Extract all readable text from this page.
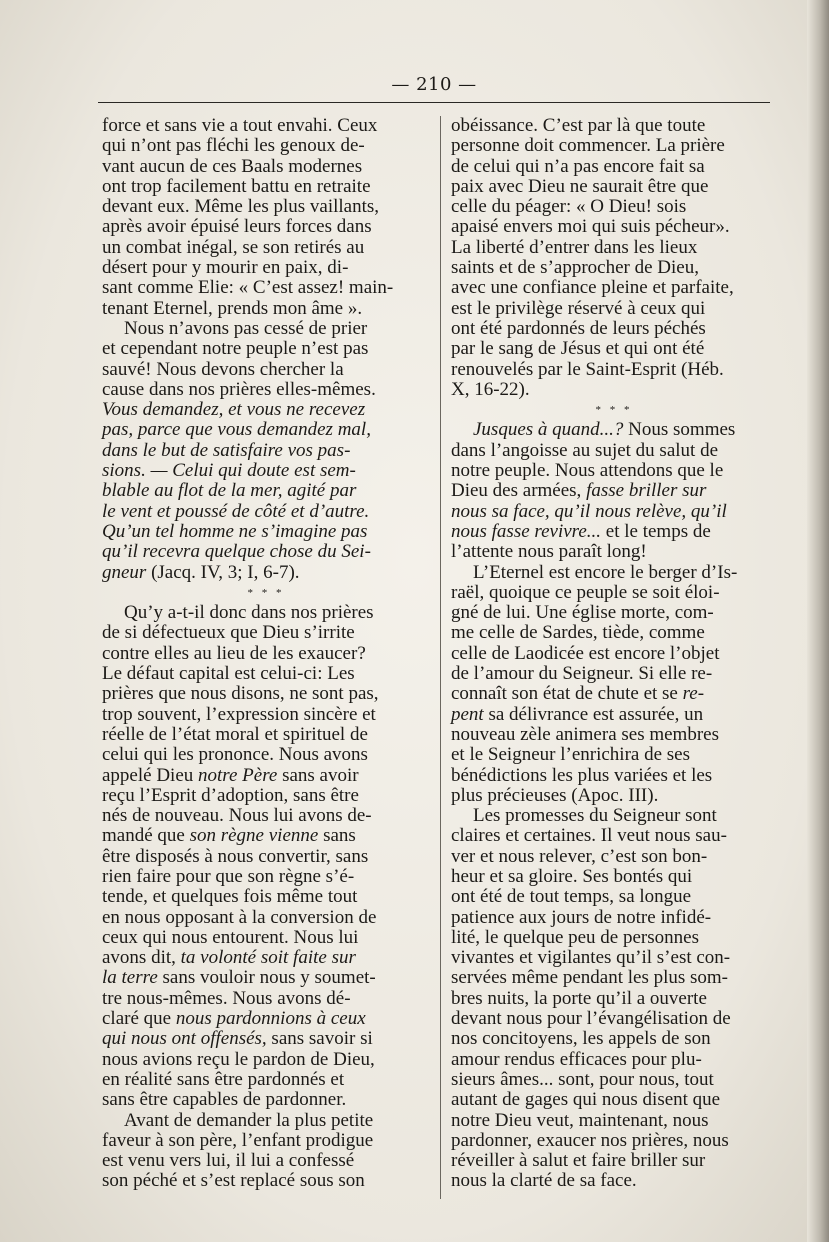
— 210 —
force et sans vie a tout envahi. Ceux
qui n’ont pas fléchi les genoux de-
vant aucun de ces Baals modernes
ont trop facilement battu en retraite
devant eux. Même les plus vaillants,
après avoir épuisé leurs forces dans
un combat inégal, se son retirés au
désert pour y mourir en paix, di-
sant comme Elie: « C’est assez! main-
tenant Eternel, prends mon âme ».
Nous n’avons pas cessé de prier
et cependant notre peuple n’est pas
sauvé! Nous devons chercher la
cause dans nos prières elles-mêmes.
Vous demandez, et vous ne recevez
pas, parce que vous demandez mal,
dans le but de satisfaire vos pas-
sions. — Celui qui doute est sem-
blable au flot de la mer, agité par
le vent et poussé de côté et d’autre.
Qu’un tel homme ne s’imagine pas
qu’il recevra quelque chose du Sei-
gneur (Jacq. IV, 3; I, 6-7).
* * *
Qu’y a-t-il donc dans nos prières
de si défectueux que Dieu s’irrite
contre elles au lieu de les exaucer?
Le défaut capital est celui-ci: Les
prières que nous disons, ne sont pas,
trop souvent, l’expression sincère et
réelle de l’état moral et spirituel de
celui qui les prononce. Nous avons
appelé Dieu notre Père sans avoir
reçu l’Esprit d’adoption, sans être
nés de nouveau. Nous lui avons de-
mandé que son règne vienne sans
être disposés à nous convertir, sans
rien faire pour que son règne s’é-
tende, et quelques fois même tout
en nous opposant à la conversion de
ceux qui nous entourent. Nous lui
avons dit, ta volonté soit faite sur
la terre sans vouloir nous y soumet-
tre nous-mêmes. Nous avons dé-
claré que nous pardonnions à ceux
qui nous ont offensés, sans savoir si
nous avions reçu le pardon de Dieu,
en réalité sans être pardonnés et
sans être capables de pardonner.
Avant de demander la plus petite
faveur à son père, l’enfant prodigue
est venu vers lui, il lui a confessé
son péché et s’est replacé sous son
obéissance. C’est par là que toute
personne doit commencer. La prière
de celui qui n’a pas encore fait sa
paix avec Dieu ne saurait être que
celle du péager: « O Dieu! sois
apaisé envers moi qui suis pécheur».
La liberté d’entrer dans les lieux
saints et de s’approcher de Dieu,
avec une confiance pleine et parfaite,
est le privilège réservé à ceux qui
ont été pardonnés de leurs péchés
par le sang de Jésus et qui ont été
renouvelés par le Saint-Esprit (Héb.
X, 16-22).
* * *
Jusques à quand...? Nous sommes
dans l’angoisse au sujet du salut de
notre peuple. Nous attendons que le
Dieu des armées, fasse briller sur
nous sa face, qu’il nous relève, qu’il
nous fasse revivre... et le temps de
l’attente nous paraît long!
L’Eternel est encore le berger d’Is-
raël, quoique ce peuple se soit éloi-
gné de lui. Une église morte, com-
me celle de Sardes, tiède, comme
celle de Laodicée est encore l’objet
de l’amour du Seigneur. Si elle re-
connaît son état de chute et se re-
pent sa délivrance est assurée, un
nouveau zèle animera ses membres
et le Seigneur l’enrichira de ses
bénédictions les plus variées et les
plus précieuses (Apoc. III).
Les promesses du Seigneur sont
claires et certaines. Il veut nous sau-
ver et nous relever, c’est son bon-
heur et sa gloire. Ses bontés qui
ont été de tout temps, sa longue
patience aux jours de notre infidé-
lité, le quelque peu de personnes
vivantes et vigilantes qu’il s’est con-
servées même pendant les plus som-
bres nuits, la porte qu’il a ouverte
devant nous pour l’évangélisation de
nos concitoyens, les appels de son
amour rendus efficaces pour plu-
sieurs âmes... sont, pour nous, tout
autant de gages qui nous disent que
notre Dieu veut, maintenant, nous
pardonner, exaucer nos prières, nous
réveiller à salut et faire briller sur
nous la clarté de sa face.
